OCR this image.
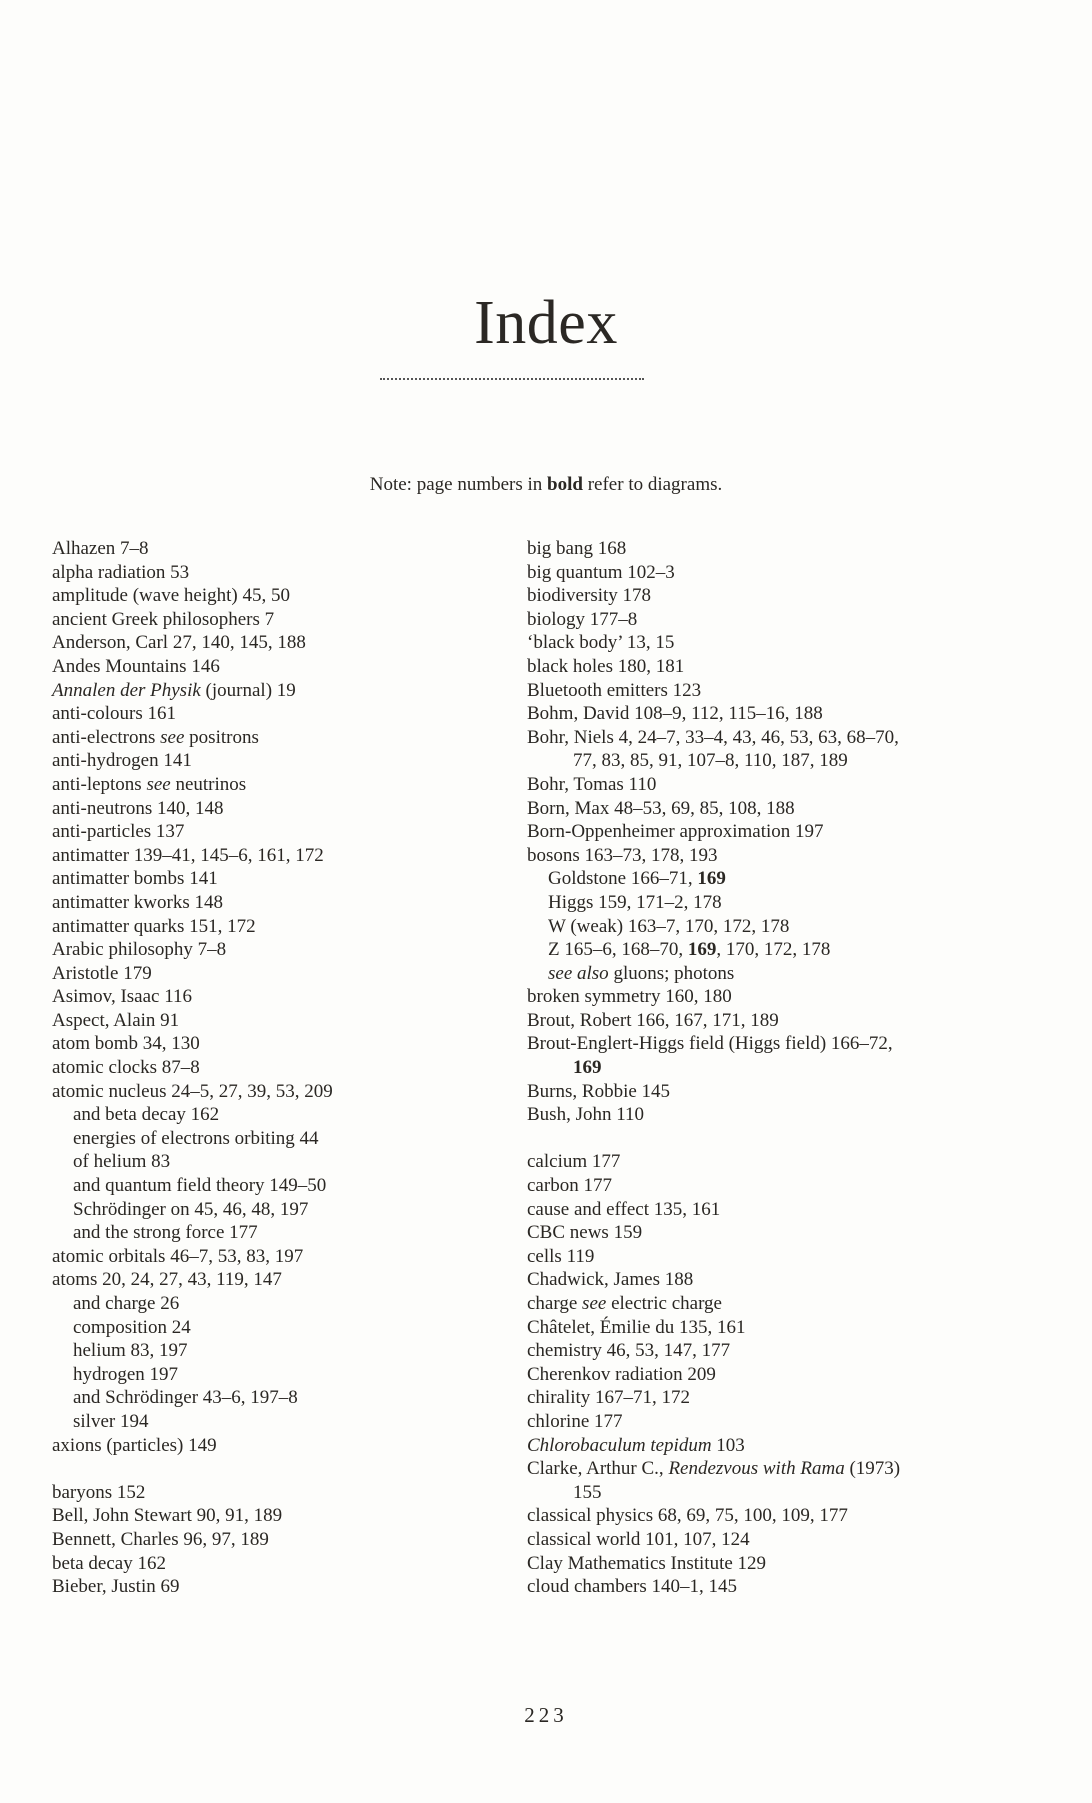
Index
Note: page numbers in bold refer to diagrams.
Alhazen 7–8
alpha radiation 53
amplitude (wave height) 45, 50
ancient Greek philosophers 7
Anderson, Carl 27, 140, 145, 188
Andes Mountains 146
Annalen der Physik (journal) 19
anti-colours 161
anti-electrons see positrons
anti-hydrogen 141
anti-leptons see neutrinos
anti-neutrons 140, 148
anti-particles 137
antimatter 139–41, 145–6, 161, 172
antimatter bombs 141
antimatter kworks 148
antimatter quarks 151, 172
Arabic philosophy 7–8
Aristotle 179
Asimov, Isaac 116
Aspect, Alain 91
atom bomb 34, 130
atomic clocks 87–8
atomic nucleus 24–5, 27, 39, 53, 209
and beta decay 162
energies of electrons orbiting 44
of helium 83
and quantum field theory 149–50
Schrödinger on 45, 46, 48, 197
and the strong force 177
atomic orbitals 46–7, 53, 83, 197
atoms 20, 24, 27, 43, 119, 147
and charge 26
composition 24
helium 83, 197
hydrogen 197
and Schrödinger 43–6, 197–8
silver 194
axions (particles) 149
baryons 152
Bell, John Stewart 90, 91, 189
Bennett, Charles 96, 97, 189
beta decay 162
Bieber, Justin 69
big bang 168
big quantum 102–3
biodiversity 178
biology 177–8
‘black body’ 13, 15
black holes 180, 181
Bluetooth emitters 123
Bohm, David 108–9, 112, 115–16, 188
Bohr, Niels 4, 24–7, 33–4, 43, 46, 53, 63, 68–70,
77, 83, 85, 91, 107–8, 110, 187, 189
Bohr, Tomas 110
Born, Max 48–53, 69, 85, 108, 188
Born-Oppenheimer approximation 197
bosons 163–73, 178, 193
Goldstone 166–71, 169
Higgs 159, 171–2, 178
W (weak) 163–7, 170, 172, 178
Z 165–6, 168–70, 169, 170, 172, 178
see also gluons; photons
broken symmetry 160, 180
Brout, Robert 166, 167, 171, 189
Brout-Englert-Higgs field (Higgs field) 166–72,
169
Burns, Robbie 145
Bush, John 110
calcium 177
carbon 177
cause and effect 135, 161
CBC news 159
cells 119
Chadwick, James 188
charge see electric charge
Châtelet, Émilie du 135, 161
chemistry 46, 53, 147, 177
Cherenkov radiation 209
chirality 167–71, 172
chlorine 177
Chlorobaculum tepidum 103
Clarke, Arthur C., Rendezvous with Rama (1973)
155
classical physics 68, 69, 75, 100, 109, 177
classical world 101, 107, 124
Clay Mathematics Institute 129
cloud chambers 140–1, 145
223
